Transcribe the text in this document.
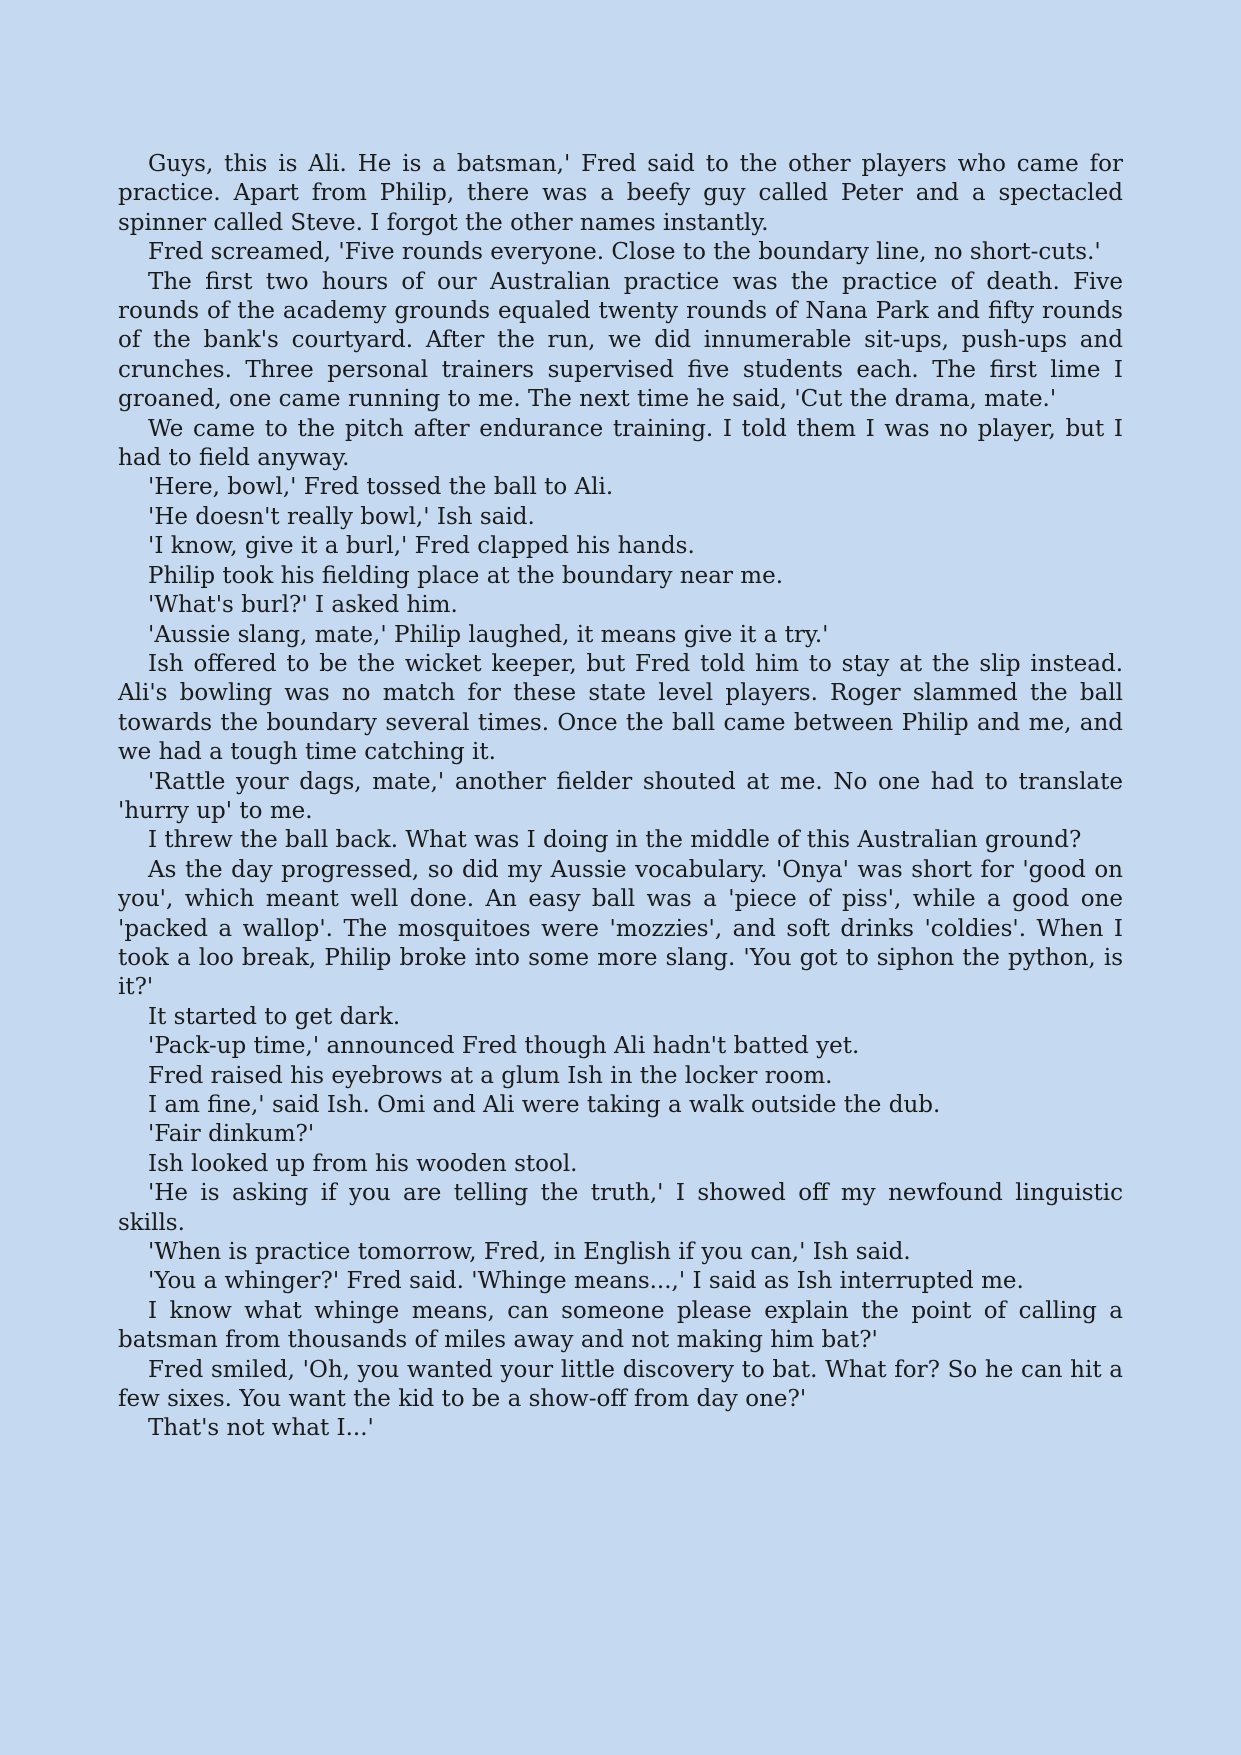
Guys, this is Ali. He is a batsman,' Fred said to the other players who came for practice. Apart from Philip, there was a beefy guy called Peter and a spectacled spinner called Steve. I forgot the other names instantly.

Fred screamed, 'Five rounds everyone. Close to the boundary line, no short-cuts.'

The first two hours of our Australian practice was the practice of death. Five rounds of the academy grounds equaled twenty rounds of Nana Park and fifty rounds of the bank's courtyard. After the run, we did innumerable sit-ups, push-ups and crunches. Three personal trainers supervised five students each. The first lime I groaned, one came running to me. The next time he said, 'Cut the drama, mate.'

We came to the pitch after endurance training. I told them I was no player, but I had to field anyway.

'Here, bowl,' Fred tossed the ball to Ali.

'He doesn't really bowl,' Ish said.

'I know, give it a burl,' Fred clapped his hands.

Philip took his fielding place at the boundary near me.

'What's burl?' I asked him.

'Aussie slang, mate,' Philip laughed, it means give it a try.'

Ish offered to be the wicket keeper, but Fred told him to stay at the slip instead. Ali's bowling was no match for these state level players. Roger slammed the ball towards the boundary several times. Once the ball came between Philip and me, and we had a tough time catching it.

'Rattle your dags, mate,' another fielder shouted at me. No one had to translate 'hurry up' to me.

I threw the ball back. What was I doing in the middle of this Australian ground?

As the day progressed, so did my Aussie vocabulary. 'Onya' was short for 'good on you', which meant well done. An easy ball was a 'piece of piss', while a good one 'packed a wallop'. The mosquitoes were 'mozzies', and soft drinks 'coldies'. When I took a loo break, Philip broke into some more slang. 'You got to siphon the python, is it?'

It started to get dark.

'Pack-up time,' announced Fred though Ali hadn't batted yet.

Fred raised his eyebrows at a glum Ish in the locker room.

I am fine,' said Ish. Omi and Ali were taking a walk outside the dub.

'Fair dinkum?'

Ish looked up from his wooden stool.

'He is asking if you are telling the truth,' I showed off my newfound linguistic skills.

'When is practice tomorrow, Fred, in English if you can,' Ish said.

'You a whinger?' Fred said. 'Whinge means...,' I said as Ish interrupted me.

I know what whinge means, can someone please explain the point of calling a batsman from thousands of miles away and not making him bat?'

Fred smiled, 'Oh, you wanted your little discovery to bat. What for? So he can hit a few sixes. You want the kid to be a show-off from day one?'

That's not what I...'
